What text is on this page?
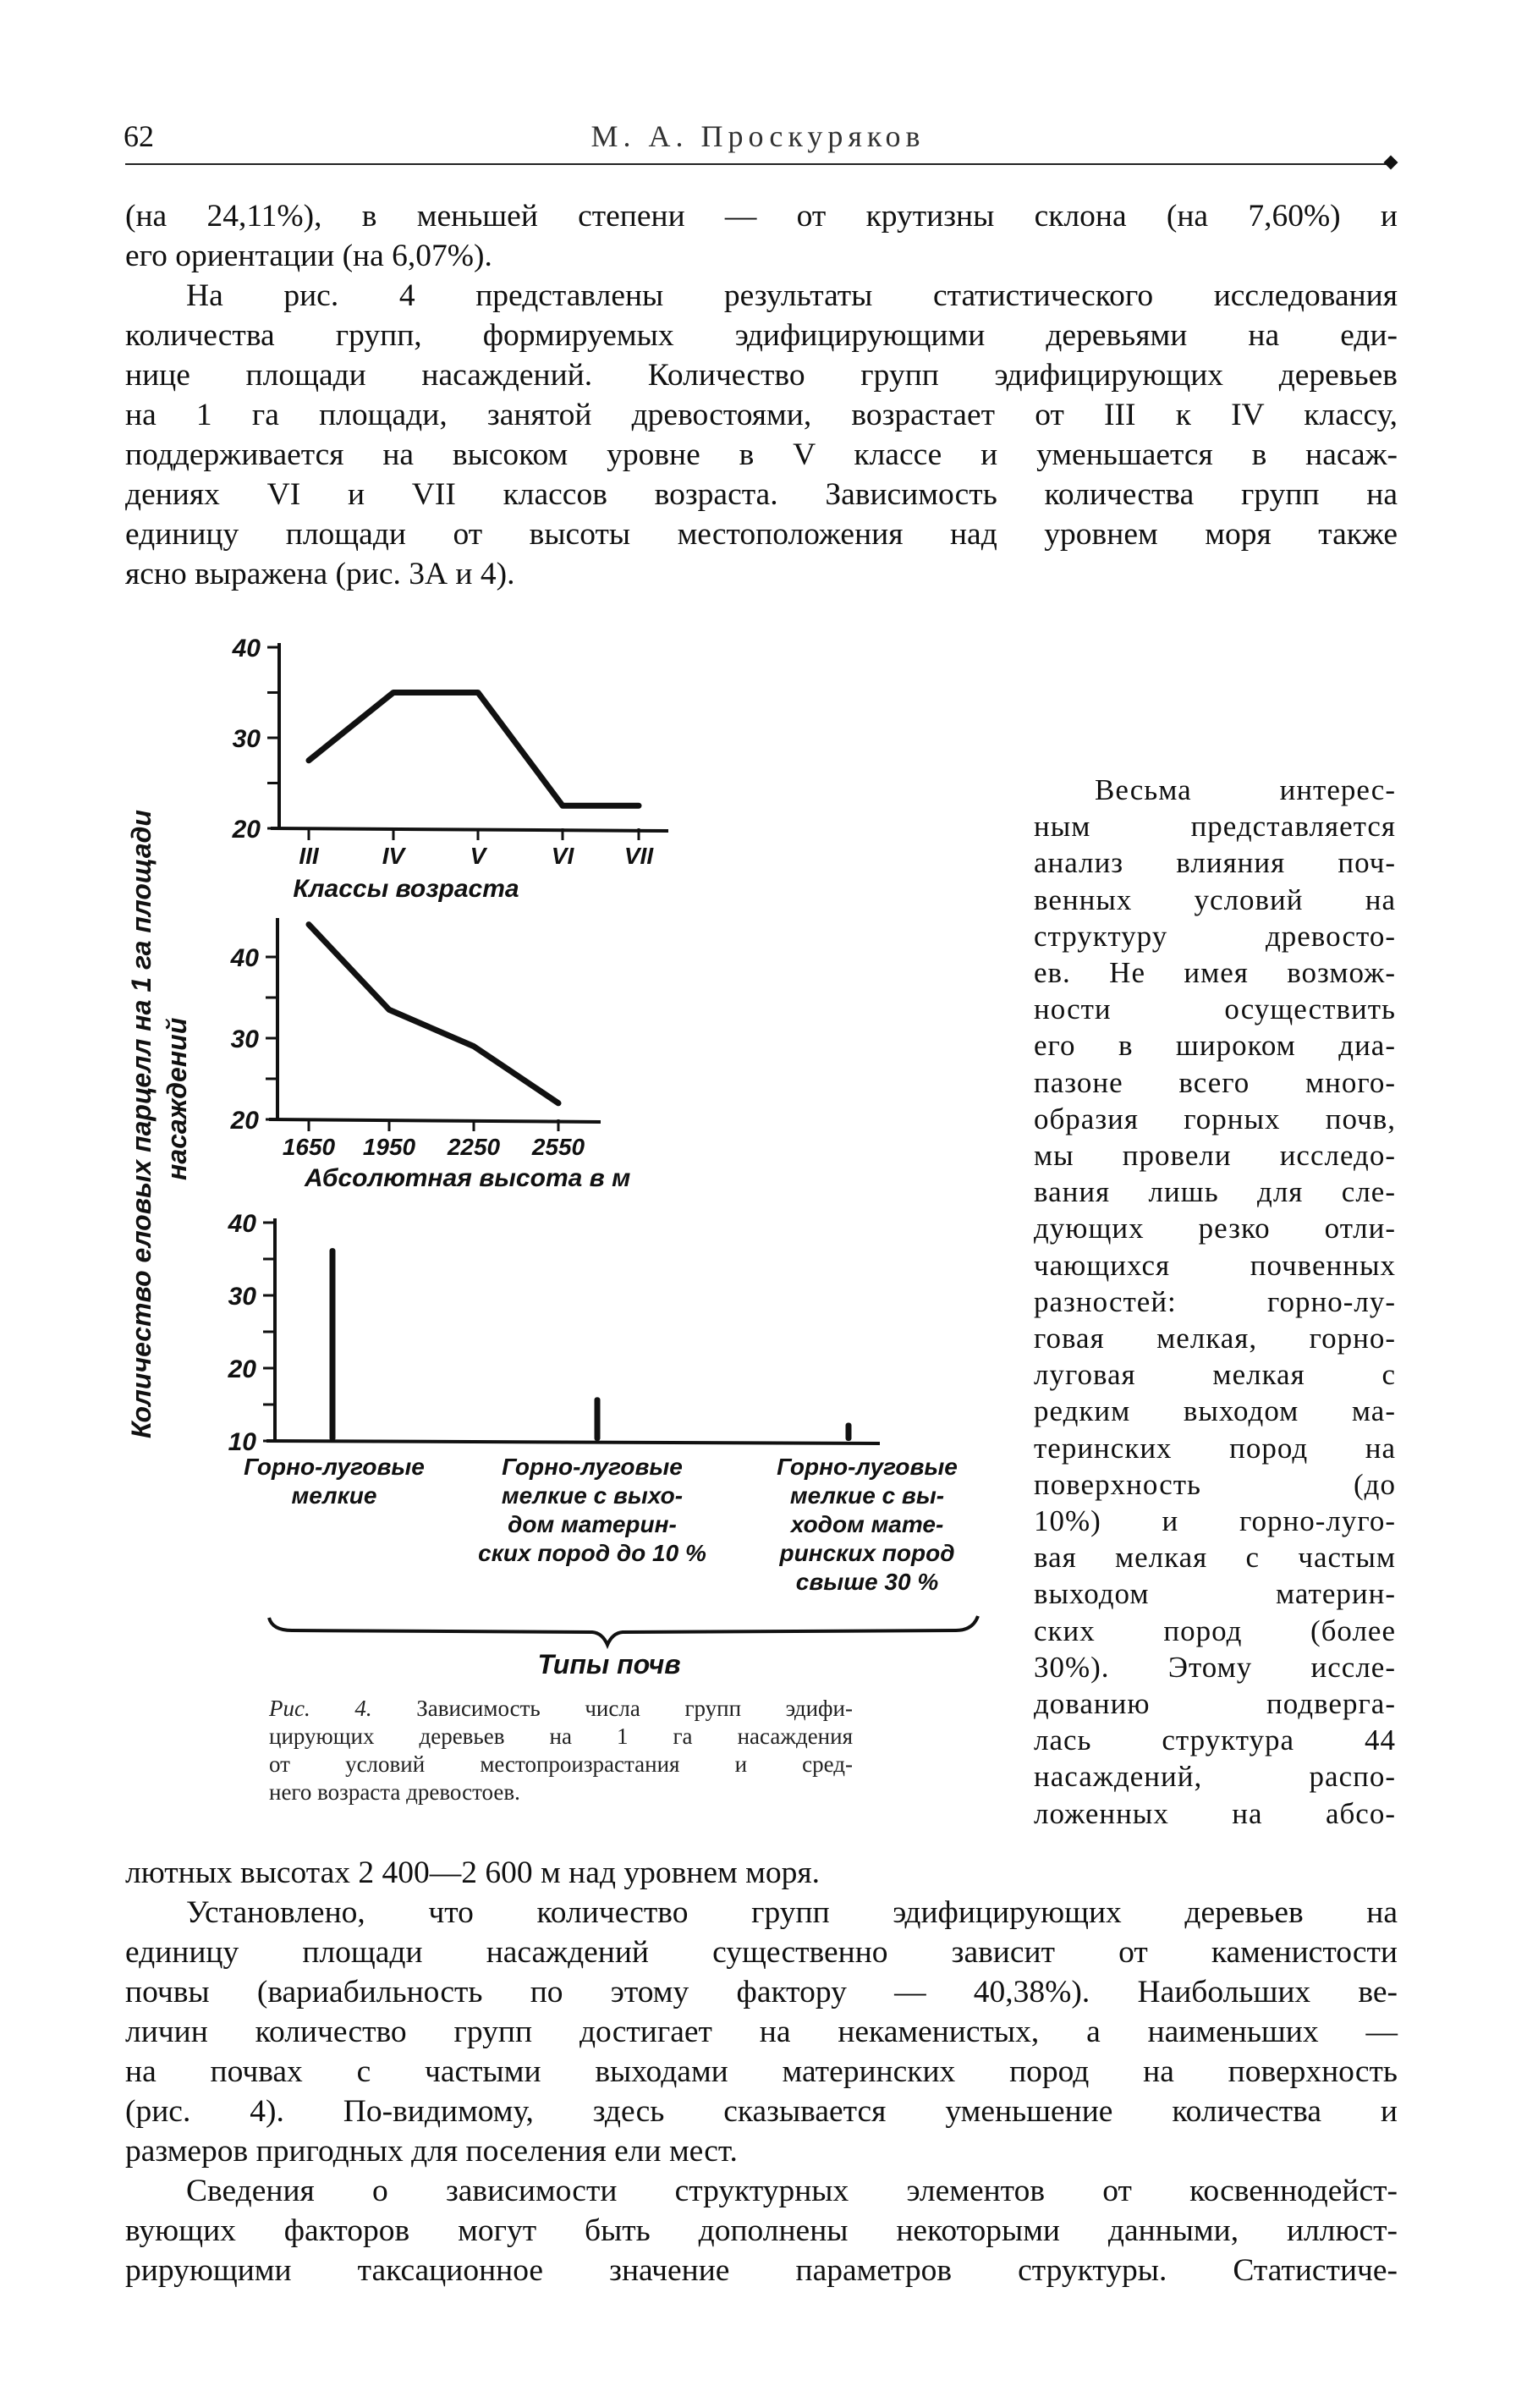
62	М. А. Проскуряков
(на 24,11%), в меньшей степени — от крутизны склона (на 7,60%) и
его ориентации (на 6,07%).
На рис. 4 представлены результаты статистического исследования
количества групп, формируемых эдифицирующими деревьями на еди-
нице площади насаждений. Количество групп эдифицирующих деревьев
на 1 га площади, занятой древостоями, возрастает от III к IV классу,
поддерживается на высоком уровне в V классе и уменьшается в насаж-
дениях VI и VII классов возраста. Зависимость количества групп на
единицу площади от высоты местоположения над уровнем моря также
ясно выражена (рис. 3А и 4).
Количество еловых парцелл на 1 га площади насаждений
20
30
40
III	IV	V	VI VII
Классы возраста
20
30
40
1650 1950 2250 2550
Абсолютная высота в м
10
20
30
40
Горно-луговые мелкие
Горно-луговые мелкие с выхо-дом материн-ских пород до 10 %
Горно-луговые мелкие с вы-ходом мате-ринских пород свыше 30 %
Типы почв
Весьма интерес-
ным представляется
анализ влияния поч-
венных условий на
структуру древосто-
ев. Не имея возмож-
ности осуществить
его в широком диа-
пазоне всего много-
образия горных почв,
мы провели исследо-
вания лишь для сле-
дующих резко отли-
чающихся почвенных
разностей: горно-лу-
говая мелкая, горно-
луговая мелкая с
редким выходом ма-
теринских пород на
поверхность (до
10%) и горно-луго-
вая мелкая с частым
выходом материн-
ских пород (более
30%). Этому иссле-
дованию подверга-
лась структура 44
насаждений, распо-
ложенных на абсо-
Рис. 4. Зависимость числа групп эдифи-
цирующих деревьев на 1 га насаждения
от условий местопроизрастания и сред-
него возраста древостоев.
лютных высотах 2 400—2 600 м над уровнем моря.
Установлено, что количество групп эдифицирующих деревьев на
единицу площади насаждений существенно зависит от каменистости
почвы (вариабильность по этому фактору — 40,38%). Наибольших ве-
личин количество групп достигает на некаменистых, а наименьших —
на почвах с частыми выходами материнских пород на поверхность
(рис. 4). По-видимому, здесь сказывается уменьшение количества и
размеров пригодных для поселения ели мест.
Сведения о зависимости структурных элементов от косвеннодейст-
вующих факторов могут быть дополнены некоторыми данными, иллюст-
рирующими таксационное значение параметров структуры. Статистиче-
